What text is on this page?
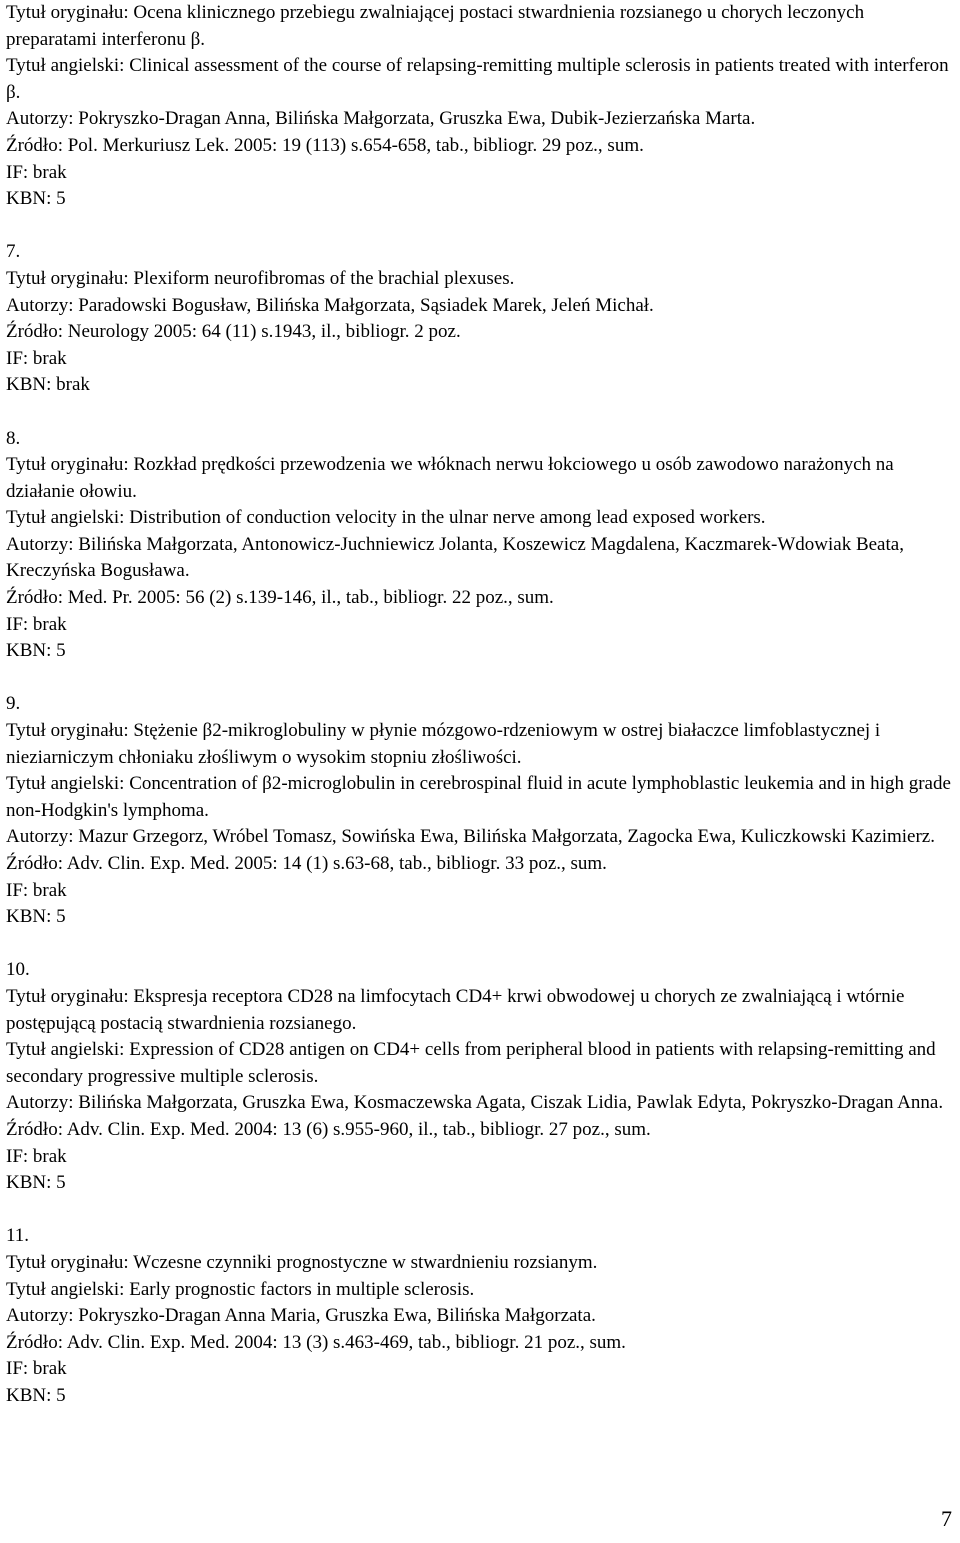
Tytuł oryginału: Ocena klinicznego przebiegu zwalniającej postaci stwardnienia rozsianego u chorych leczonych preparatami interferonu β.
Tytuł angielski: Clinical assessment of the course of relapsing-remitting multiple sclerosis in patients treated with interferon β.
Autorzy: Pokryszko-Dragan Anna, Bilińska Małgorzata, Gruszka Ewa, Dubik-Jezierzańska Marta.
Źródło: Pol. Merkuriusz Lek. 2005: 19 (113) s.654-658, tab., bibliogr. 29 poz., sum.
IF: brak
KBN: 5
7.
Tytuł oryginału: Plexiform neurofibromas of the brachial plexuses.
Autorzy: Paradowski Bogusław, Bilińska Małgorzata, Sąsiadek Marek, Jeleń Michał.
Źródło: Neurology 2005: 64 (11) s.1943, il., bibliogr. 2 poz.
IF: brak
KBN: brak
8.
Tytuł oryginału: Rozkład prędkości przewodzenia we włóknach nerwu łokciowego u osób zawodowo narażonych na działanie ołowiu.
Tytuł angielski: Distribution of conduction velocity in the ulnar nerve among lead exposed workers.
Autorzy: Bilińska Małgorzata, Antonowicz-Juchniewicz Jolanta, Koszewicz Magdalena, Kaczmarek-Wdowiak Beata, Kreczyńska Bogusława.
Źródło: Med. Pr. 2005: 56 (2) s.139-146, il., tab., bibliogr. 22 poz., sum.
IF: brak
KBN: 5
9.
Tytuł oryginału: Stężenie β2-mikroglobuliny w płynie mózgowo-rdzeniowym w ostrej białaczce limfoblastycznej i nieziarniczym chłoniaku złośliwym o wysokim stopniu złośliwości.
Tytuł angielski: Concentration of β2-microglobulin in cerebrospinal fluid in acute lymphoblastic leukemia and in high grade non-Hodgkin's lymphoma.
Autorzy: Mazur Grzegorz, Wróbel Tomasz, Sowińska Ewa, Bilińska Małgorzata, Zagocka Ewa, Kuliczkowski Kazimierz.
Źródło: Adv. Clin. Exp. Med. 2005: 14 (1) s.63-68, tab., bibliogr. 33 poz., sum.
IF: brak
KBN: 5
10.
Tytuł oryginału: Ekspresja receptora CD28 na limfocytach CD4+ krwi obwodowej u chorych ze zwalniającą i wtórnie postępującą postacią stwardnienia rozsianego.
Tytuł angielski: Expression of CD28 antigen on CD4+ cells from peripheral blood in patients with relapsing-remitting and secondary progressive multiple sclerosis.
Autorzy: Bilińska Małgorzata, Gruszka Ewa, Kosmaczewska Agata, Ciszak Lidia, Pawlak Edyta, Pokryszko-Dragan Anna.
Źródło: Adv. Clin. Exp. Med. 2004: 13 (6) s.955-960, il., tab., bibliogr. 27 poz., sum.
IF: brak
KBN: 5
11.
Tytuł oryginału: Wczesne czynniki prognostyczne w stwardnieniu rozsianym.
Tytuł angielski: Early prognostic factors in multiple sclerosis.
Autorzy: Pokryszko-Dragan Anna Maria, Gruszka Ewa, Bilińska Małgorzata.
Źródło: Adv. Clin. Exp. Med. 2004: 13 (3) s.463-469, tab., bibliogr. 21 poz., sum.
IF: brak
KBN: 5
7
